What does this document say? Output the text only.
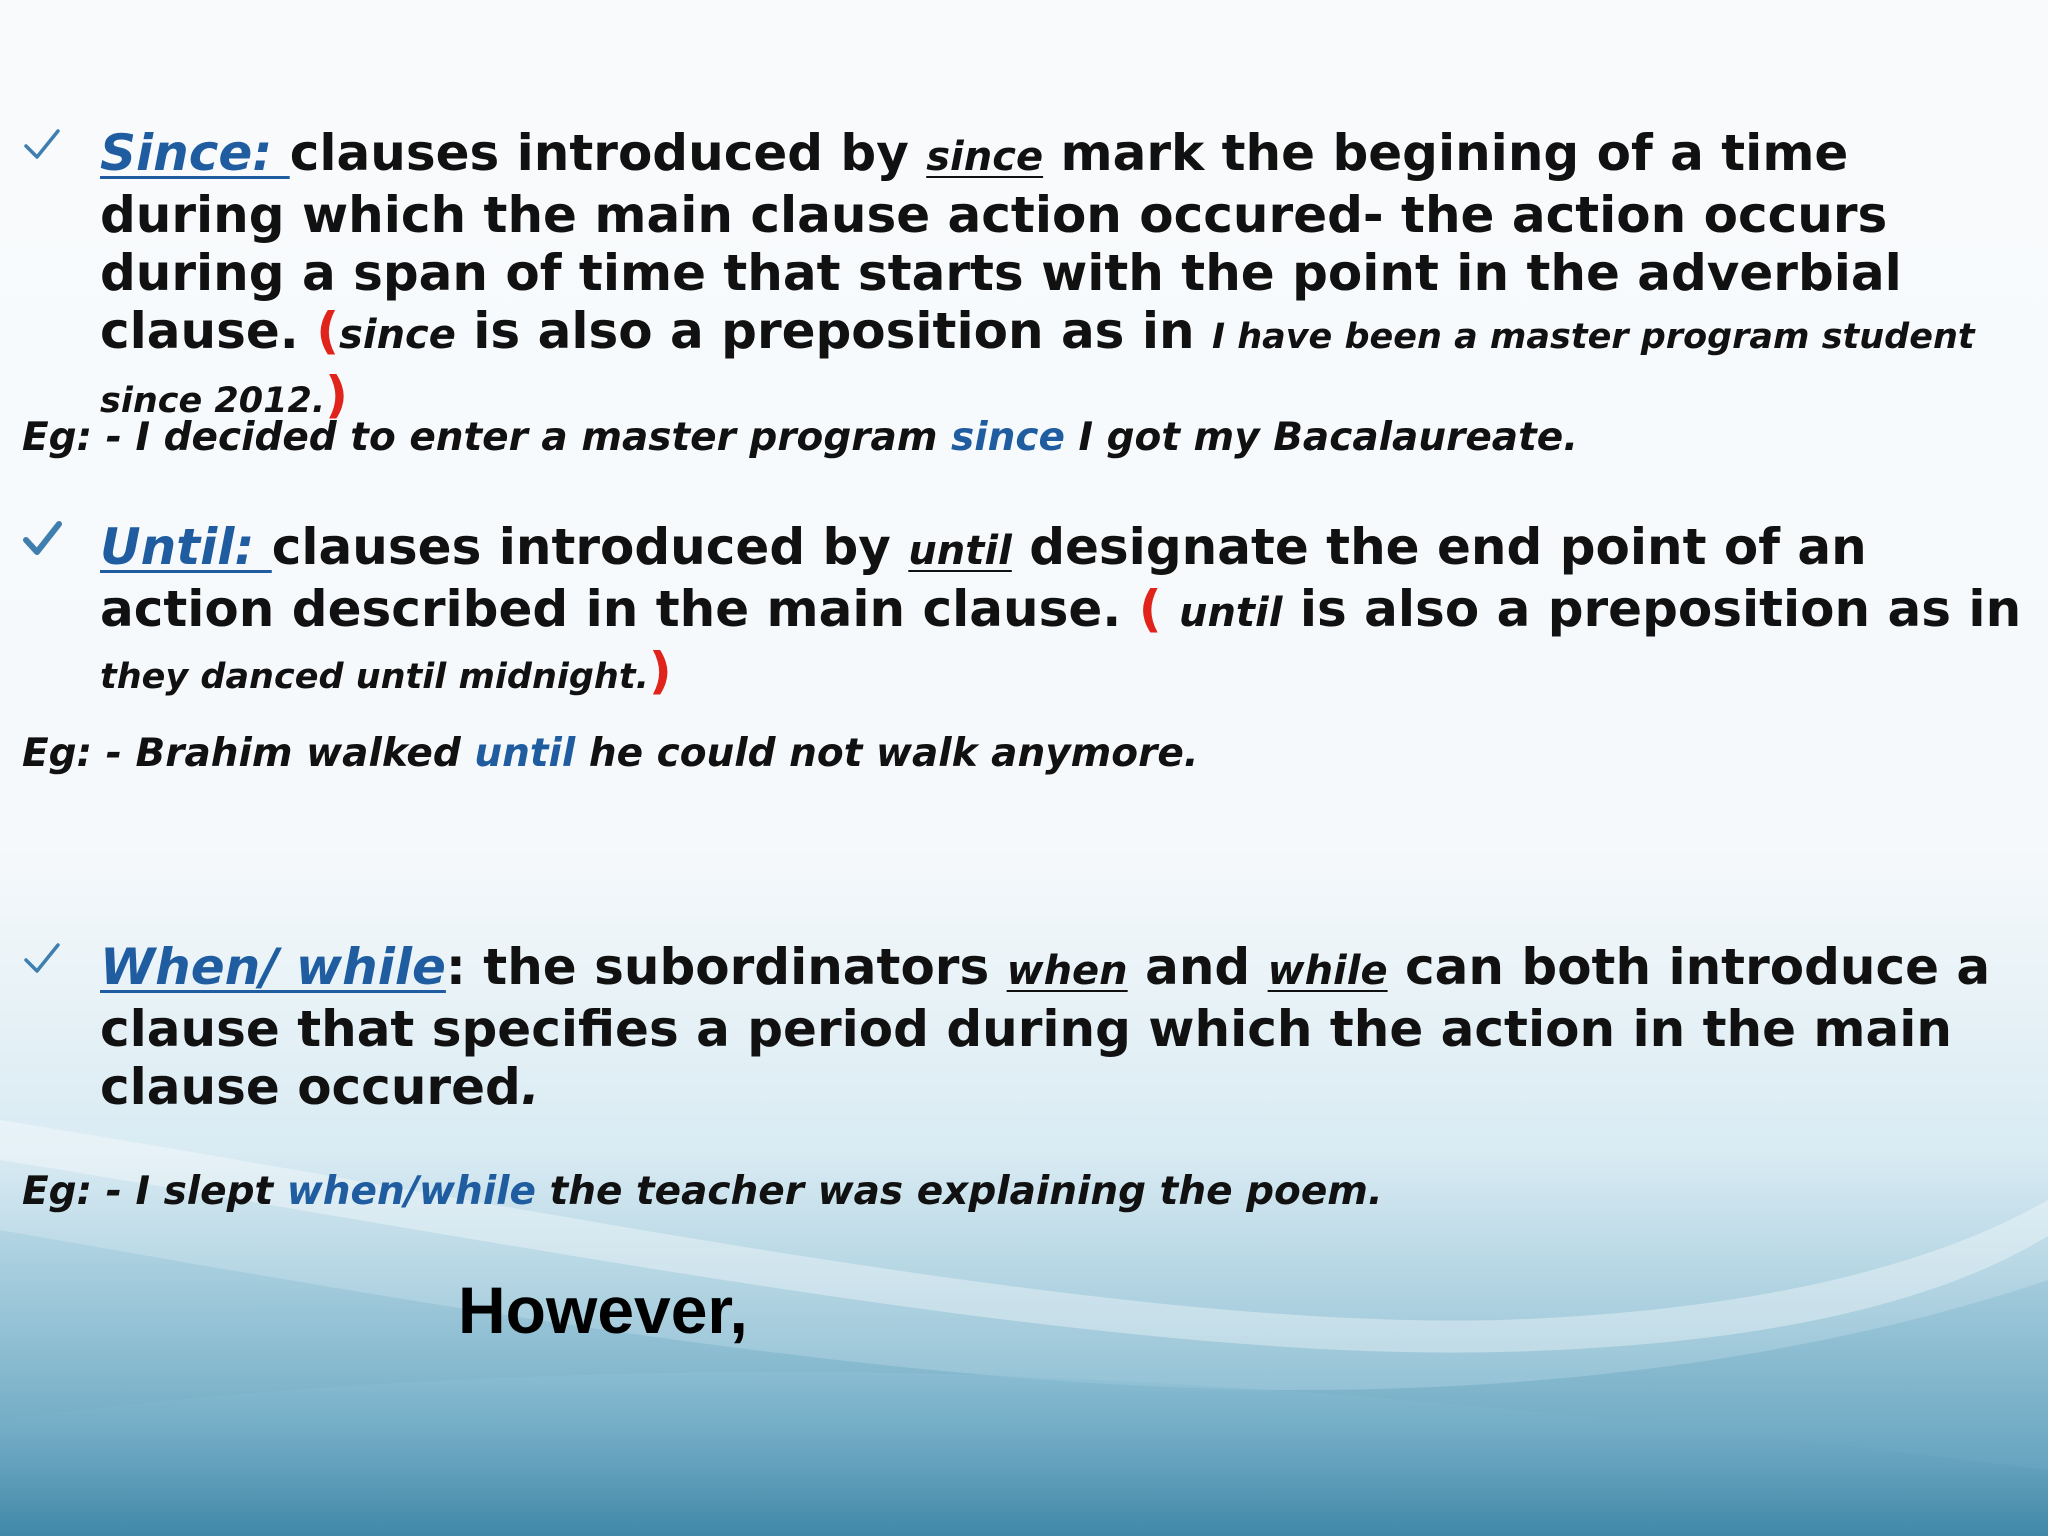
Since: clauses introduced by since mark the begining of a time during which the main clause action occured- the action occurs during a span of time that starts with the point in the adverbial clause. (since is also a preposition as in I have been a master program student since 2012.)
Eg: - I decided to enter a master program since I got my Bacalaureate.
Until: clauses introduced by until designate the end point of an action described in the main clause. ( until is also a preposition as in they danced until midnight.)
Eg: - Brahim walked until he could not walk anymore.
When/ while: the subordinators when and while can both introduce a clause that specifies a period during which the action in the main clause occured.
Eg: - I slept when/while the teacher was explaining the poem.
However,
